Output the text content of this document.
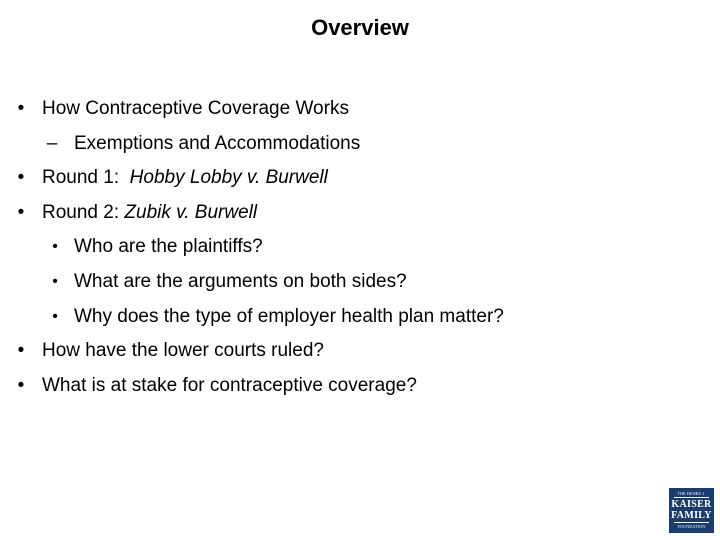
Overview
• How Contraceptive Coverage Works
– Exemptions and Accommodations
• Round 1:  Hobby Lobby v. Burwell
• Round 2: Zubik v. Burwell
• Who are the plaintiffs?
• What are the arguments on both sides?
• Why does the type of employer health plan matter?
• How have the lower courts ruled?
• What is at stake for contraceptive coverage?
THE HENRY J.
KAISER
FAMILY
FOUNDATION
